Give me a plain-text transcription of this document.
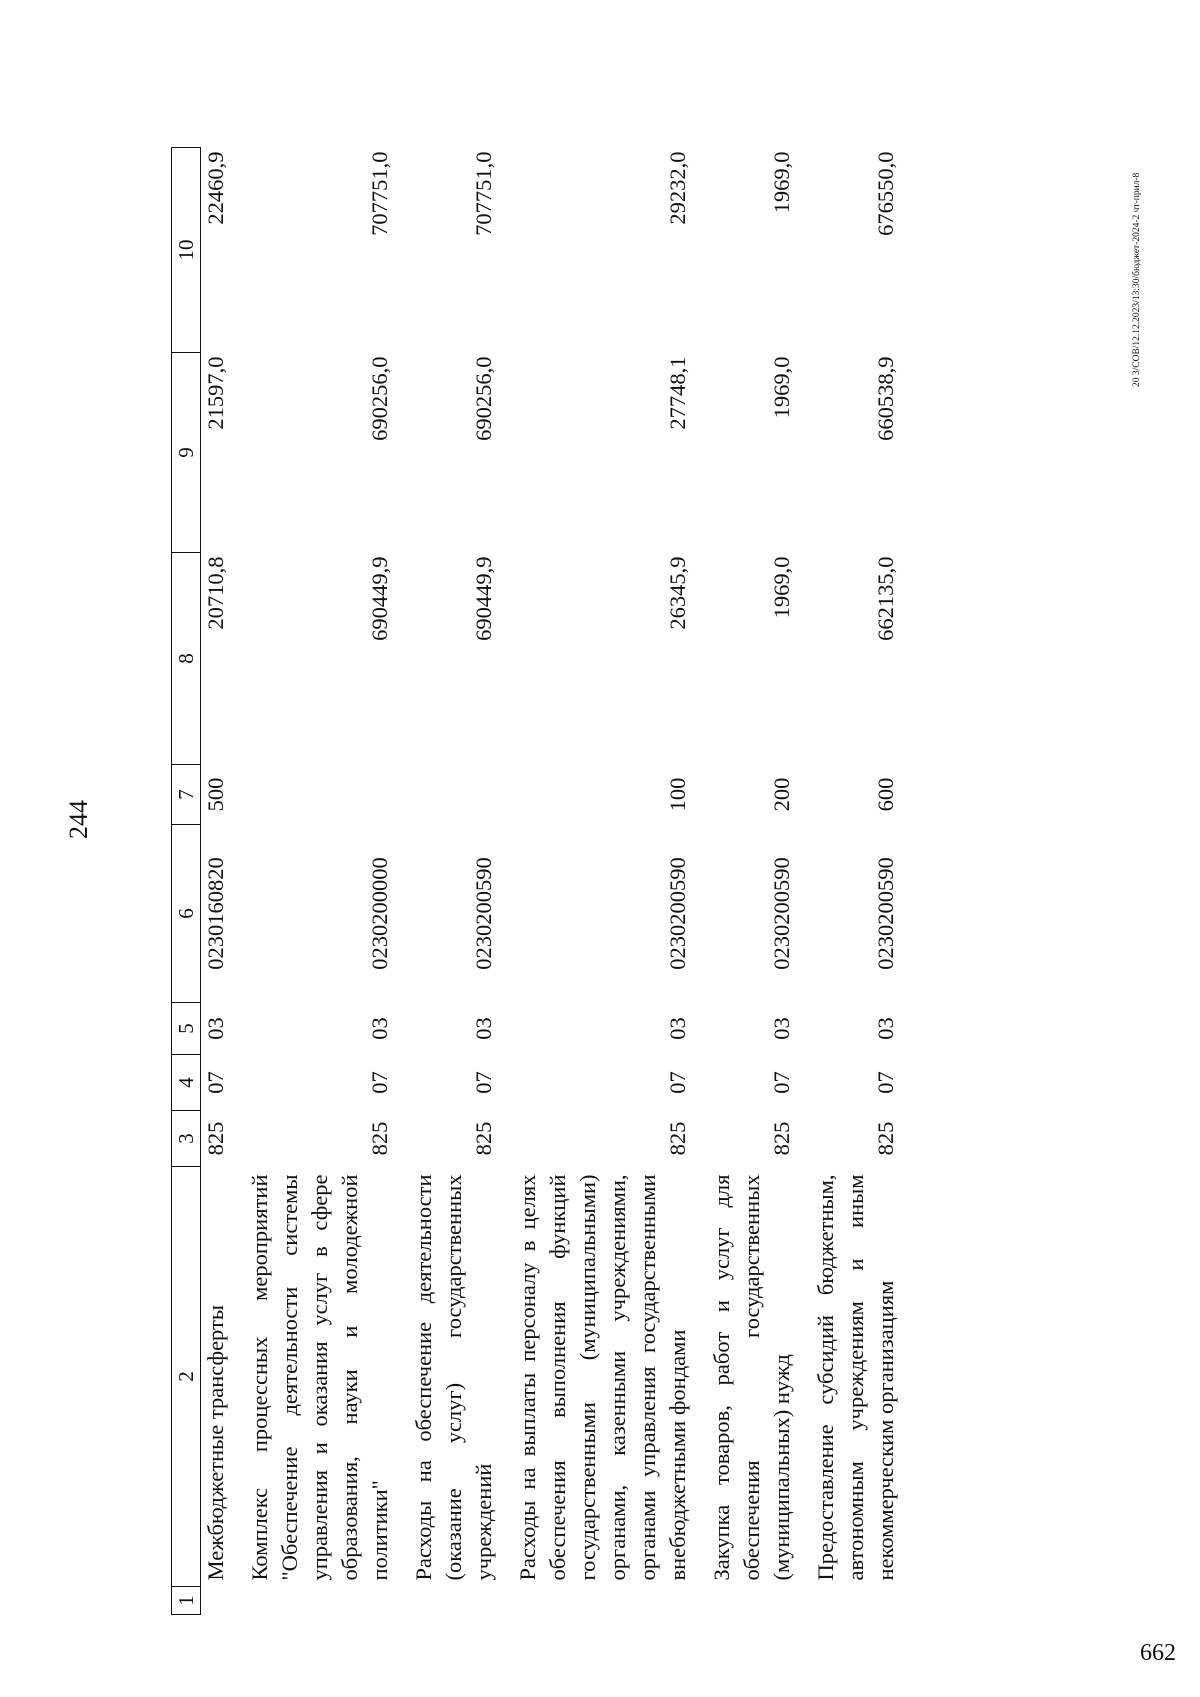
244
1	2	3	4	5	6	7	8	9	10
	Межбюджетные трансферты	825	07	03	0230160820	500	20710,8	21597,0	22460,9
	Комплекс процессных мероприятий "Обеспечение деятельности системы управления и оказания услуг в сфере образования, науки и молодежной политики"	825	07	03	0230200000		690449,9	690256,0	707751,0
	Расходы на обеспечение деятельности (оказание услуг) государственных учреждений	825	07	03	0230200590		690449,9	690256,0	707751,0
	Расходы на выплаты персоналу в целях обеспечения выполнения функций государственными (муниципальными) органами, казенными учреждениями, органами управления государственными внебюджетными фондами	825	07	03	0230200590	100	26345,9	27748,1	29232,0
	Закупка товаров, работ и услуг для обеспечения государственных (муниципальных) нужд	825	07	03	0230200590	200	1969,0	1969,0	1969,0
	Предоставление субсидий бюджетным, автономным учреждениям и иным некоммерческим организациям	825	07	03	0230200590	600	662135,0	660538,9	676550,0	20 3/СОВ/12.12.2023/13:30/бюджет-2024-2 чт-прил-8
662
